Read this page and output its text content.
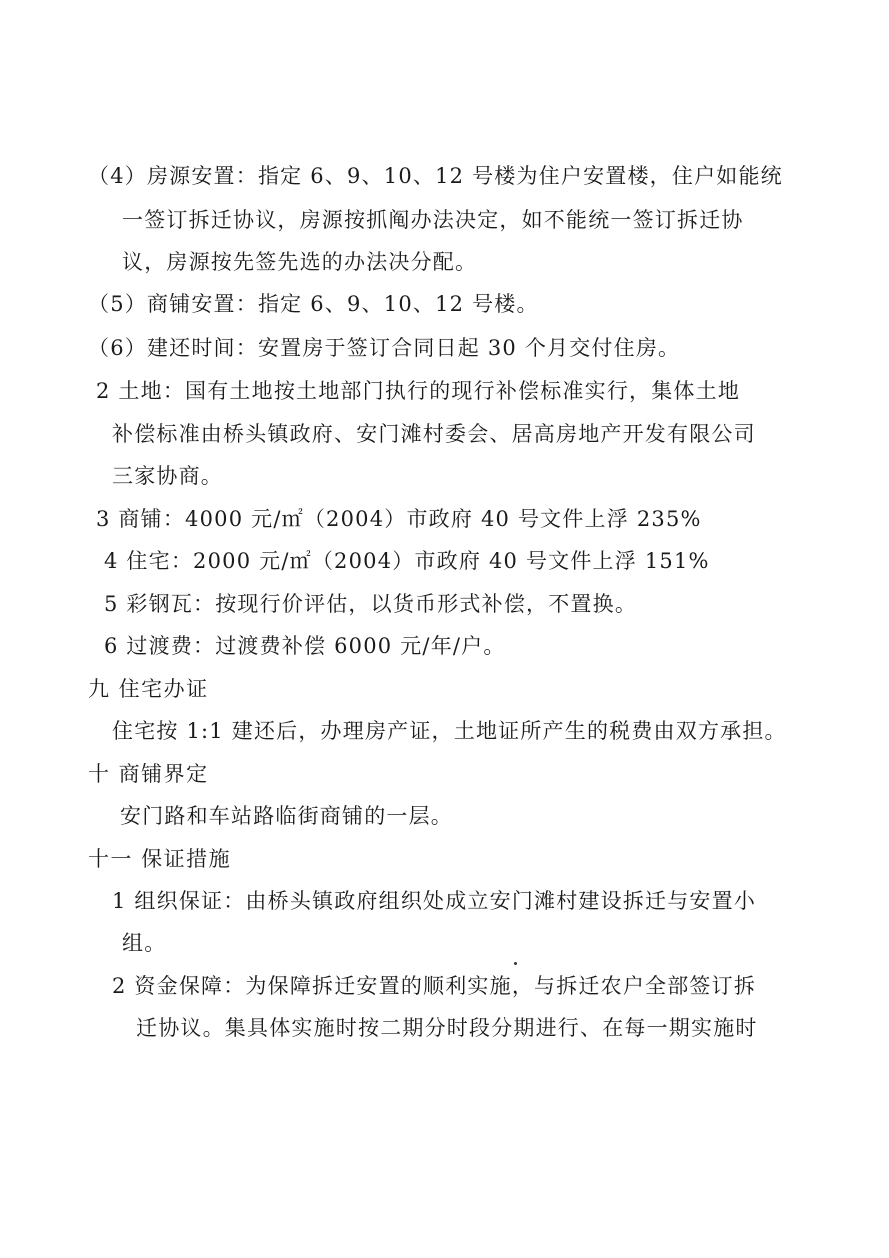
（4）房源安置：指定 6、9、10、12 号楼为住户安置楼，住户如能统
一签订拆迁协议，房源按抓阄办法决定，如不能统一签订拆迁协
议，房源按先签先选的办法决分配。
（5）商铺安置：指定 6、9、10、12 号楼。
（6）建还时间：安置房于签订合同日起 30 个月交付住房。
2 土地：国有土地按土地部门执行的现行补偿标准实行，集体土地
补偿标准由桥头镇政府、安门滩村委会、居高房地产开发有限公司
三家协商。
3 商铺：4000 元/㎡（2004）市政府 40 号文件上浮 235%
4 住宅：2000 元/㎡（2004）市政府 40 号文件上浮 151%
5 彩钢瓦：按现行价评估，以货币形式补偿，不置换。
6 过渡费：过渡费补偿 6000 元/年/户。
九 住宅办证
住宅按 1:1 建还后，办理房产证，土地证所产生的税费由双方承担。
十 商铺界定
安门路和车站路临街商铺的一层。
十一 保证措施
1 组织保证：由桥头镇政府组织处成立安门滩村建设拆迁与安置小
组。
2 资金保障：为保障拆迁安置的顺利实施，与拆迁农户全部签订拆
迁协议。集具体实施时按二期分时段分期进行、在每一期实施时
